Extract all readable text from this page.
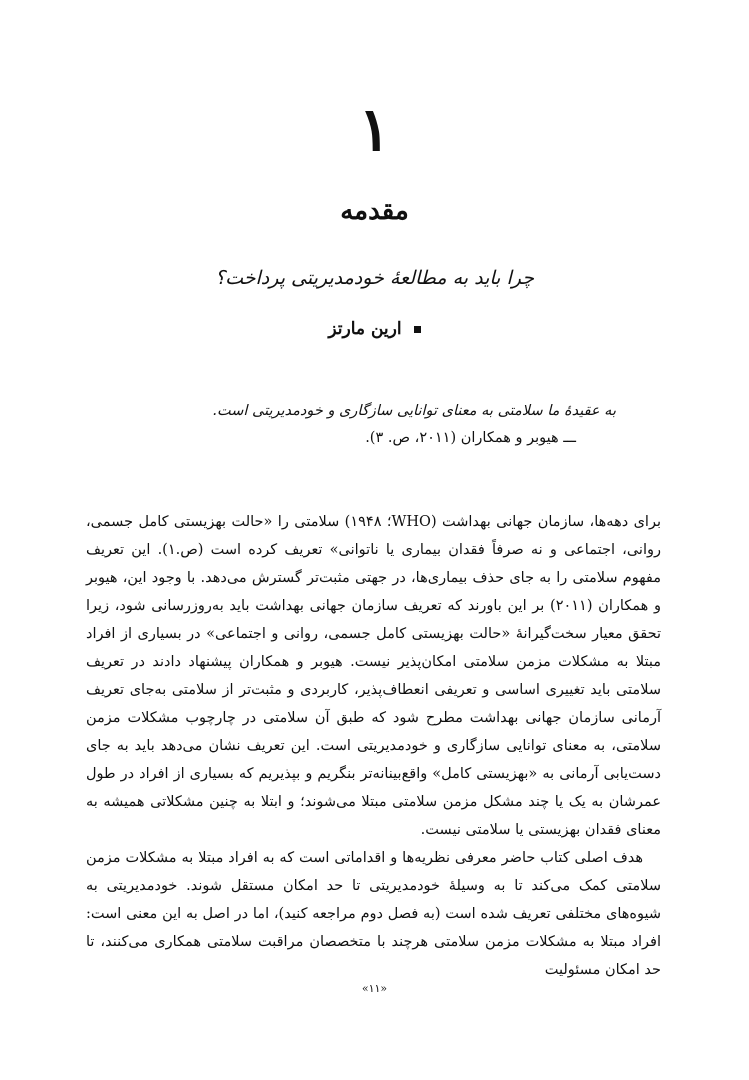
۱
مقدمه
چرا باید به مطالعهٔ خودمدیریتی پرداخت؟
ارین مارتز
به عقیدهٔ ما سلامتی به معنای توانایی سازگاری و خودمدیریتی است.
ـــ هیوبر و همکاران (۲۰۱۱، ص. ۳).

برای دهه‌ها، سازمان جهانی بهداشت (WHO؛ ۱۹۴۸) سلامتی را «حالت بهزیستی کامل جسمی، روانی، اجتماعی و نه صرفاً فقدان بیماری یا ناتوانی» تعریف کرده است (ص.۱). این تعریف مفهوم سلامتی را به جای حذف بیماری‌ها، در جهتی مثبت‌تر گسترش می‌دهد. با وجود این، هیوبر و همکاران (۲۰۱۱) بر این باورند که تعریف سازمان جهانی بهداشت باید به‌روزرسانی شود، زیرا تحقق معیار سخت‌گیرانهٔ «حالت بهزیستی کامل جسمی، روانی و اجتماعی» در بسیاری از افراد مبتلا به مشکلات مزمن سلامتی امکان‌پذیر نیست. هیوبر و همکاران پیشنهاد دادند در تعریف سلامتی باید تغییری اساسی و تعریفی انعطاف‌پذیر، کاربردی و مثبت‌تر از سلامتی به‌جای تعریف آرمانی سازمان جهانی بهداشت مطرح شود که طبق آن سلامتی در چارچوب مشکلات مزمن سلامتی، به معنای توانایی سازگاری و خودمدیریتی است. این تعریف نشان می‌دهد باید به جای دست‌یابی آرمانی به «بهزیستی کامل» واقع‌بینانه‌تر بنگریم و بپذیریم که بسیاری از افراد در طول عمرشان به یک یا چند مشکل مزمن سلامتی مبتلا می‌شوند؛ و ابتلا به چنین مشکلاتی همیشه به معنای فقدان بهزیستی یا سلامتی نیست.

هدف اصلی کتاب حاضر معرفی نظریه‌ها و اقداماتی است که به افراد مبتلا به مشکلات مزمن سلامتی کمک می‌کند تا به وسیلهٔ خودمدیریتی تا حد امکان مستقل شوند. خودمدیریتی به شیوه‌های مختلفی تعریف شده است (به فصل دوم مراجعه کنید)، اما در اصل به این معنی است: افراد مبتلا به مشکلات مزمن سلامتی هرچند با متخصصان مراقبت سلامتی همکاری می‌کنند، تا حد امکان مسئولیت

«۱۱»
